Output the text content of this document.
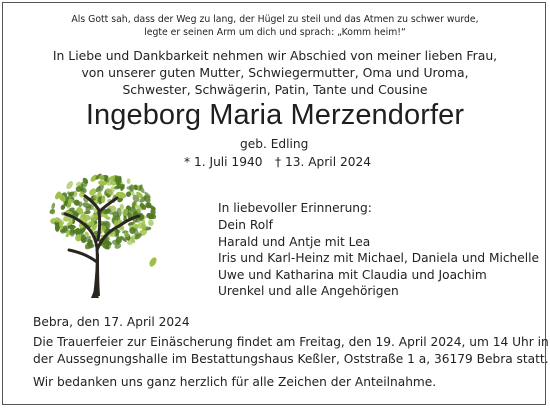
Als Gott sah, dass der Weg zu lang, der Hügel zu steil und das Atmen zu schwer wurde,
legte er seinen Arm um dich und sprach: „Komm heim!“
In Liebe und Dankbarkeit nehmen wir Abschied von meiner lieben Frau,
von unserer guten Mutter, Schwiegermutter, Oma und Uroma,
Schwester, Schwägerin, Patin, Tante und Cousine
Ingeborg Maria Merzendorfer
geb. Edling
* 1. Juli 1940 † 13. April 2024
In liebevoller Erinnerung:
Dein Rolf
Harald und Antje mit Lea
Iris und Karl-Heinz mit Michael, Daniela und Michelle
Uwe und Katharina mit Claudia und Joachim
Urenkel und alle Angehörigen
Bebra, den 17. April 2024
Die Trauerfeier zur Einäscherung findet am Freitag, den 19. April 2024, um 14 Uhr in
der Aussegnungshalle im Bestattungshaus Keßler, Oststraße 1 a, 36179 Bebra statt.
Wir bedanken uns ganz herzlich für alle Zeichen der Anteilnahme.
